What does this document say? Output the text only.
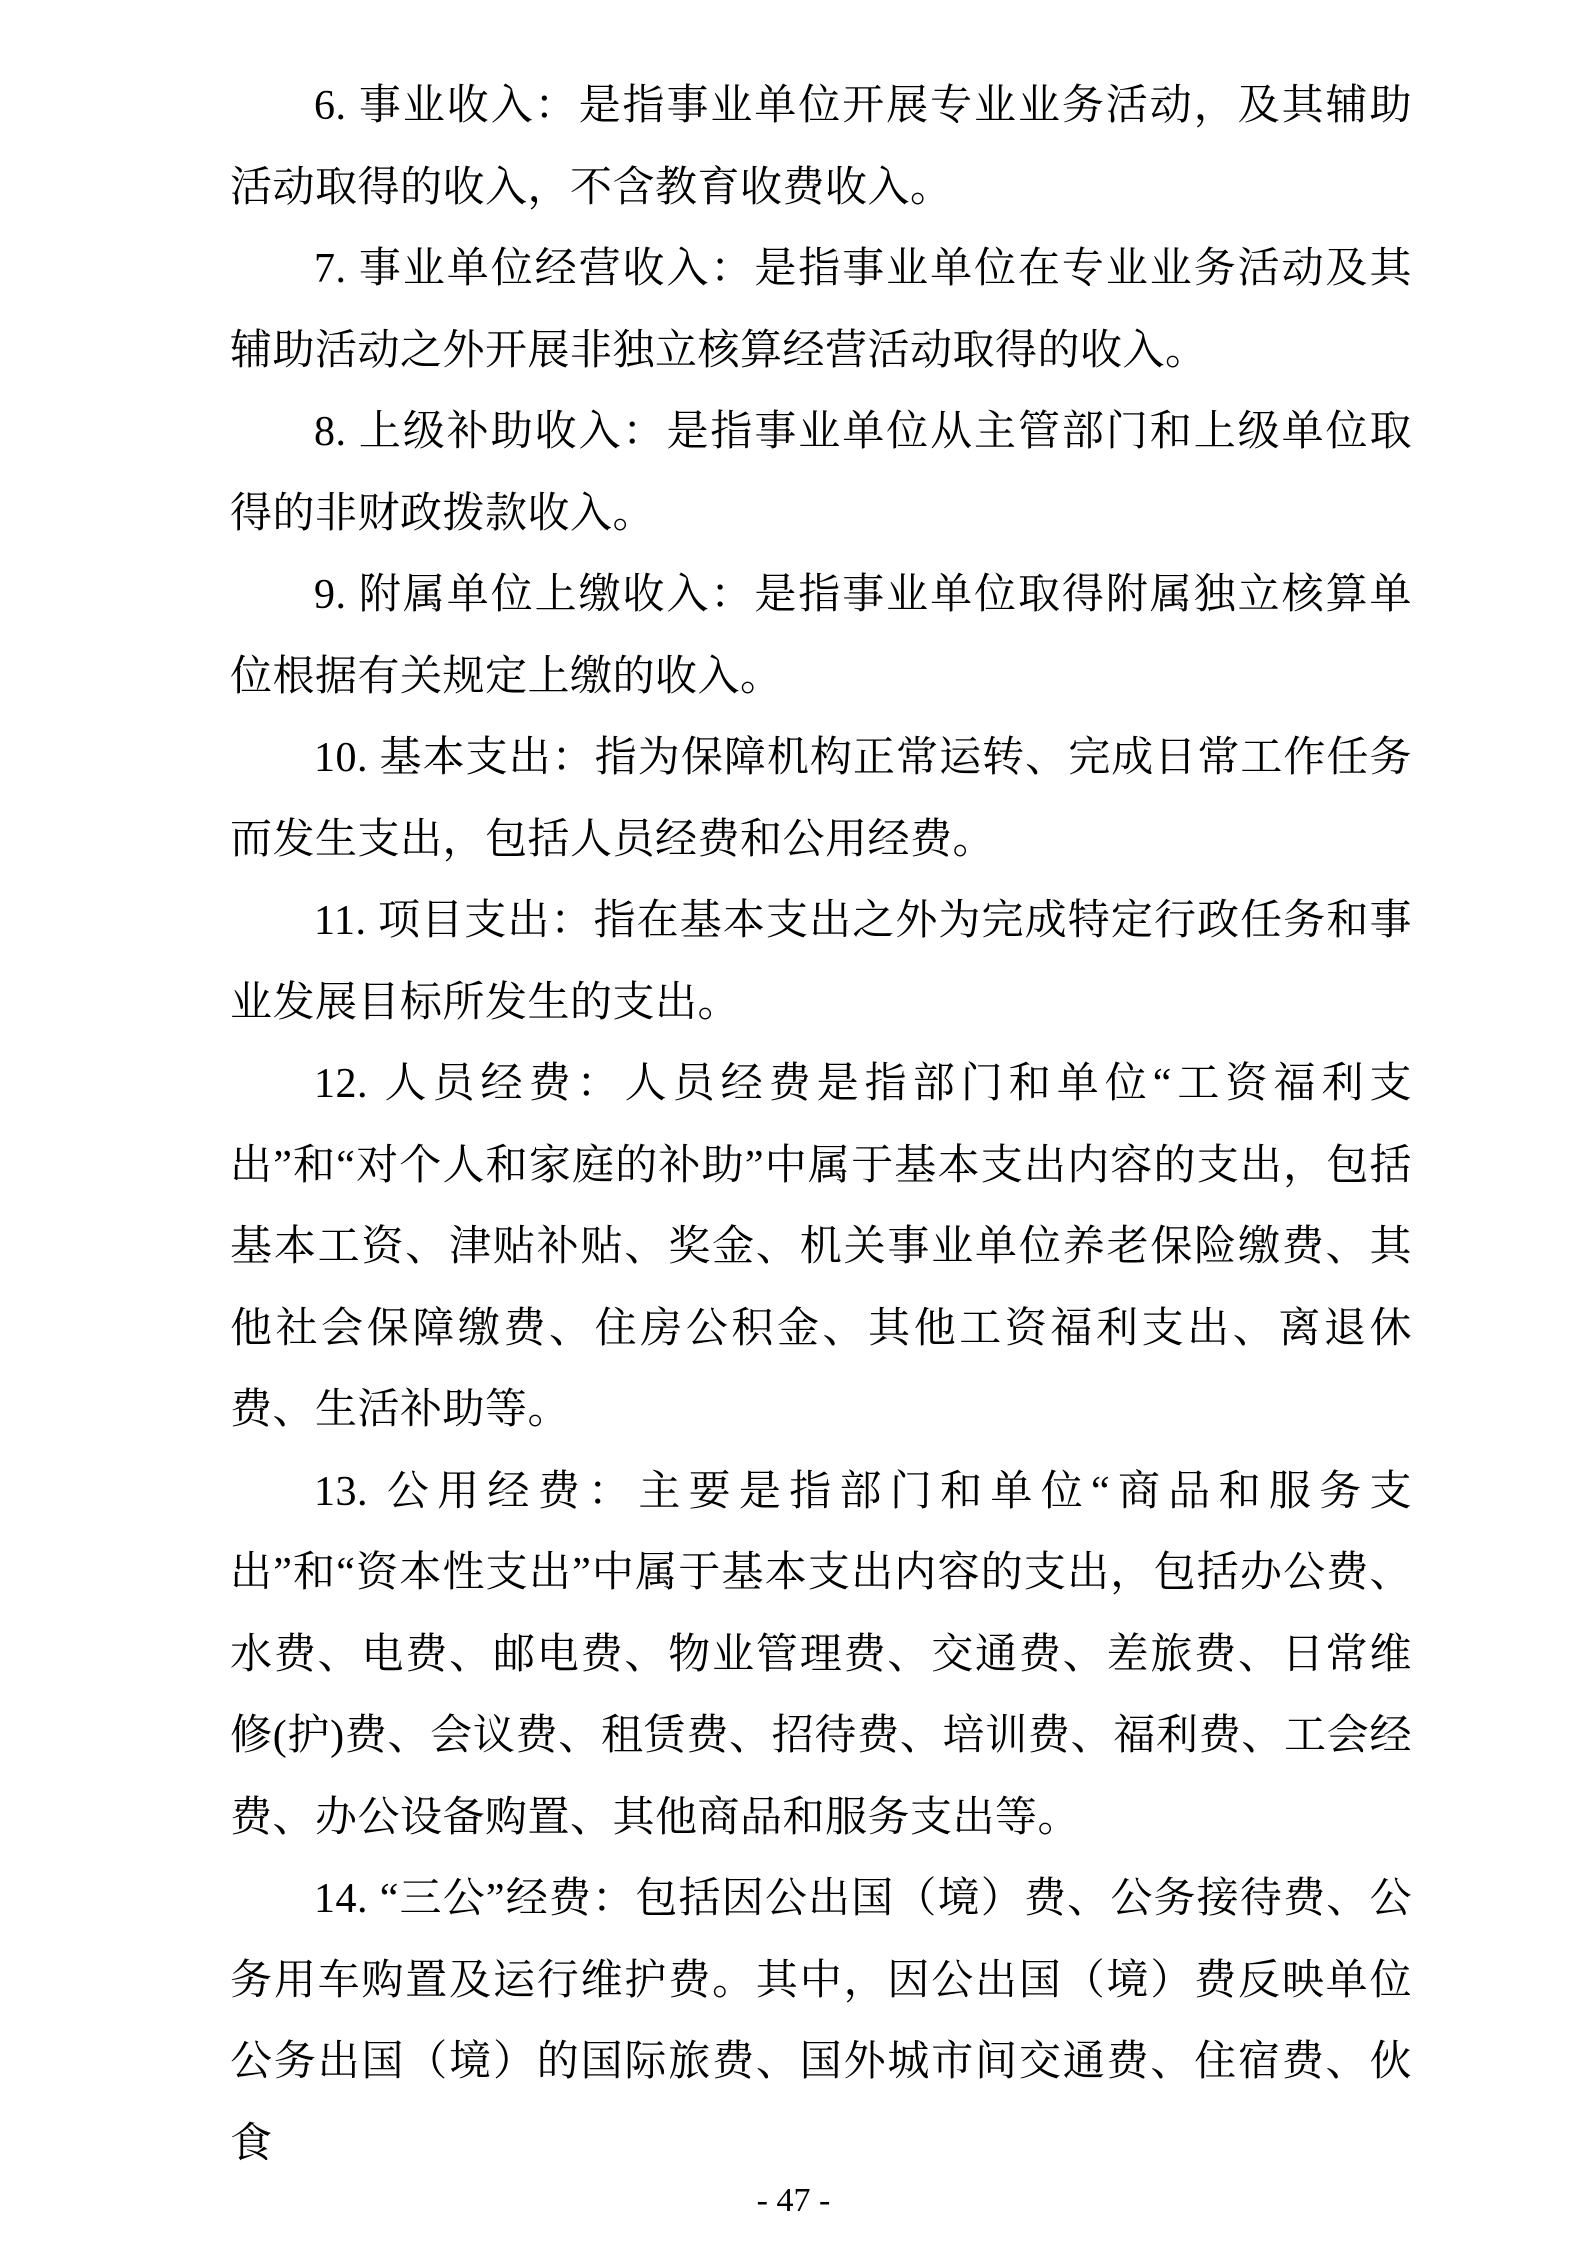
6. 事业收入：是指事业单位开展专业业务活动，及其辅助活动取得的收入，不含教育收费收入。

7. 事业单位经营收入：是指事业单位在专业业务活动及其辅助活动之外开展非独立核算经营活动取得的收入。

8. 上级补助收入：是指事业单位从主管部门和上级单位取得的非财政拨款收入。

9. 附属单位上缴收入：是指事业单位取得附属独立核算单位根据有关规定上缴的收入。

10. 基本支出：指为保障机构正常运转、完成日常工作任务而发生支出，包括人员经费和公用经费。

11. 项目支出：指在基本支出之外为完成特定行政任务和事业发展目标所发生的支出。

12. 人员经费：人员经费是指部门和单位“工资福利支出”和“对个人和家庭的补助”中属于基本支出内容的支出，包括基本工资、津贴补贴、奖金、机关事业单位养老保险缴费、其他社会保障缴费、住房公积金、其他工资福利支出、离退休费、生活补助等。

13. 公用经费：主要是指部门和单位“商品和服务支出”和“资本性支出”中属于基本支出内容的支出，包括办公费、水费、电费、邮电费、物业管理费、交通费、差旅费、日常维修(护)费、会议费、租赁费、招待费、培训费、福利费、工会经费、办公设备购置、其他商品和服务支出等。

14. “三公”经费：包括因公出国（境）费、公务接待费、公务用车购置及运行维护费。其中，因公出国（境）费反映单位公务出国（境）的国际旅费、国外城市间交通费、住宿费、伙食

- 47 -
